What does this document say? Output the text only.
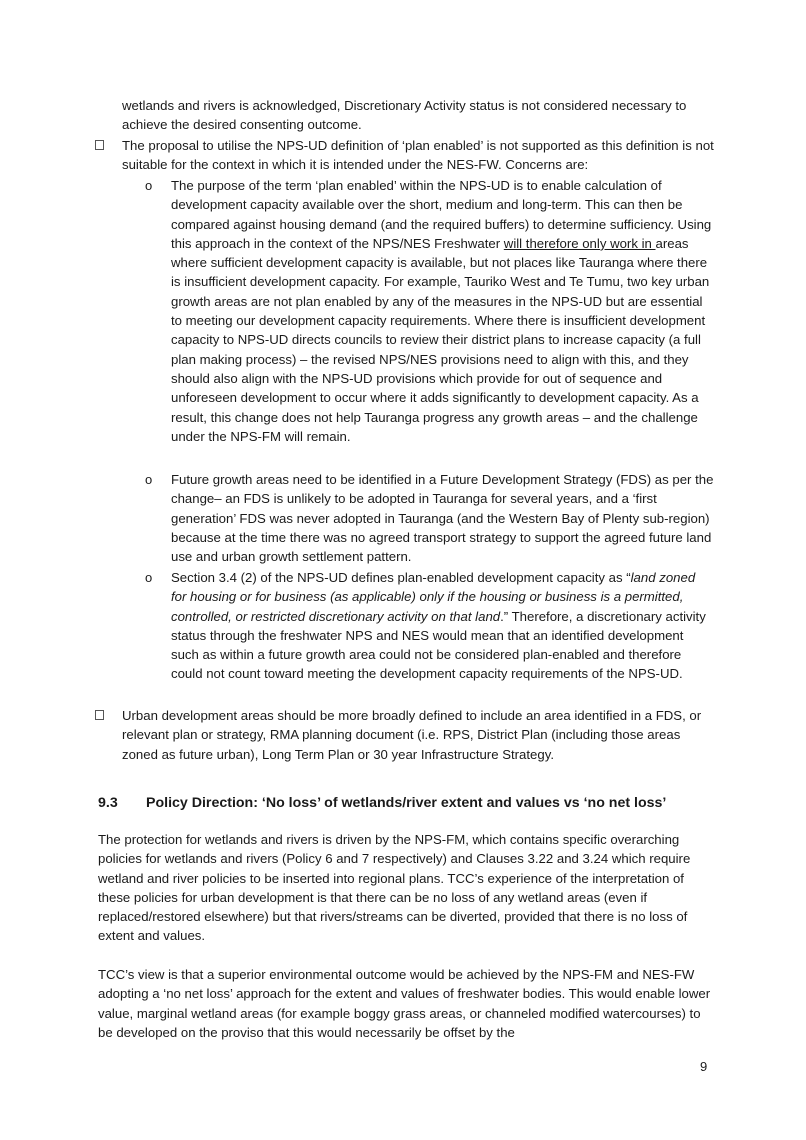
wetlands and rivers is acknowledged, Discretionary Activity status is not considered necessary to achieve the desired consenting outcome.

The proposal to utilise the NPS-UD definition of ‘plan enabled’ is not supported as this definition is not suitable for the context in which it is intended under the NES-FW. Concerns are:

o The purpose of the term ‘plan enabled’ within the NPS-UD is to enable calculation of development capacity available over the short, medium and long-term. This can then be compared against housing demand (and the required buffers) to determine sufficiency. Using this approach in the context of the NPS/NES Freshwater will therefore only work in areas where sufficient development capacity is available, but not places like Tauranga where there is insufficient development capacity. For example, Tauriko West and Te Tumu, two key urban growth areas are not plan enabled by any of the measures in the NPS-UD but are essential to meeting our development capacity requirements. Where there is insufficient development capacity to NPS-UD directs councils to review their district plans to increase capacity (a full plan making process) – the revised NPS/NES provisions need to align with this, and they should also align with the NPS-UD provisions which provide for out of sequence and unforeseen development to occur where it adds significantly to development capacity. As a result, this change does not help Tauranga progress any growth areas – and the challenge under the NPS-FM will remain.

o Future growth areas need to be identified in a Future Development Strategy (FDS) as per the change– an FDS is unlikely to be adopted in Tauranga for several years, and a ‘first generation’ FDS was never adopted in Tauranga (and the Western Bay of Plenty sub-region) because at the time there was no agreed transport strategy to support the agreed future land use and urban growth settlement pattern.

o Section 3.4 (2) of the NPS-UD defines plan-enabled development capacity as “land zoned for housing or for business (as applicable) only if the housing or business is a permitted, controlled, or restricted discretionary activity on that land.” Therefore, a discretionary activity status through the freshwater NPS and NES would mean that an identified development such as within a future growth area could not be considered plan-enabled and therefore could not count toward meeting the development capacity requirements of the NPS-UD.

Urban development areas should be more broadly defined to include an area identified in a FDS, or relevant plan or strategy, RMA planning document (i.e. RPS, District Plan (including those areas zoned as future urban), Long Term Plan or 30 year Infrastructure Strategy.

9.3 Policy Direction: ‘No loss’ of wetlands/river extent and values vs ‘no net loss’

The protection for wetlands and rivers is driven by the NPS-FM, which contains specific overarching policies for wetlands and rivers (Policy 6 and 7 respectively) and Clauses 3.22 and 3.24 which require wetland and river policies to be inserted into regional plans. TCC’s experience of the interpretation of these policies for urban development is that there can be no loss of any wetland areas (even if replaced/restored elsewhere) but that rivers/streams can be diverted, provided that there is no loss of extent and values.

TCC’s view is that a superior environmental outcome would be achieved by the NPS-FM and NES-FW adopting a ‘no net loss’ approach for the extent and values of freshwater bodies. This would enable lower value, marginal wetland areas (for example boggy grass areas, or channeled modified watercourses) to be developed on the proviso that this would necessarily be offset by the

9
